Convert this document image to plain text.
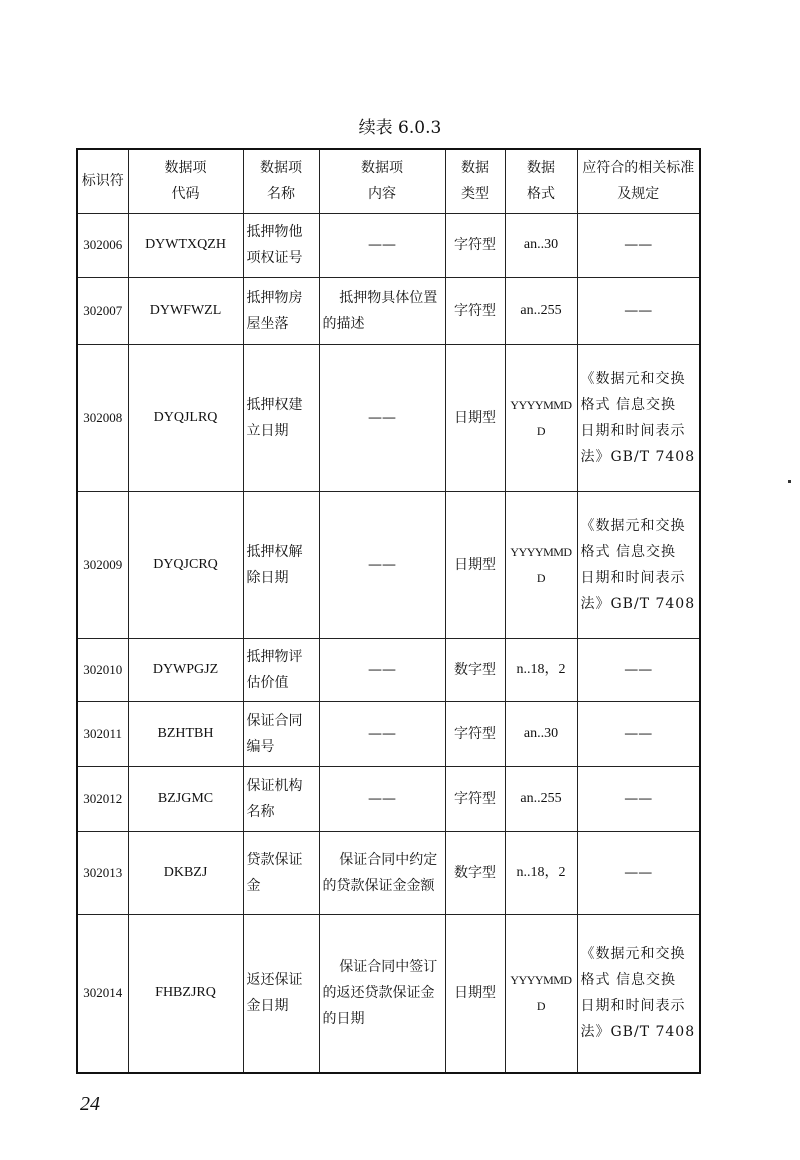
续表 6.0.3
标识符	数据项代码	数据项名称	数据项内容	数据类型	数据格式	应符合的相关标准及规定
302006	DYWTXQZH	抵押物他项权证号	——	字符型	an..30	——
302007	DYWFWZL	抵押物房屋坐落	抵押物具体位置的描述	字符型	an..255	——
302008	DYQJLRQ	抵押权建立日期	——	日期型	YYYYMMDD	《数据元和交换格式 信息交换 日期和时间表示法》GB/T 7408
302009	DYQJCRQ	抵押权解除日期	——	日期型	YYYYMMDD	《数据元和交换格式 信息交换 日期和时间表示法》GB/T 7408
302010	DYWPGJZ	抵押物评估价值	——	数字型	n..18，2	——
302011	BZHTBH	保证合同编号	——	字符型	an..30	——
302012	BZJGMC	保证机构名称	——	字符型	an..255	——
302013	DKBZJ	贷款保证金	保证合同中约定的贷款保证金金额	数字型	n..18，2	——
302014	FHBZJRQ	返还保证金日期	保证合同中签订的返还贷款保证金的日期	日期型	YYYYMMDD	《数据元和交换格式 信息交换 日期和时间表示法》GB/T 7408
24
